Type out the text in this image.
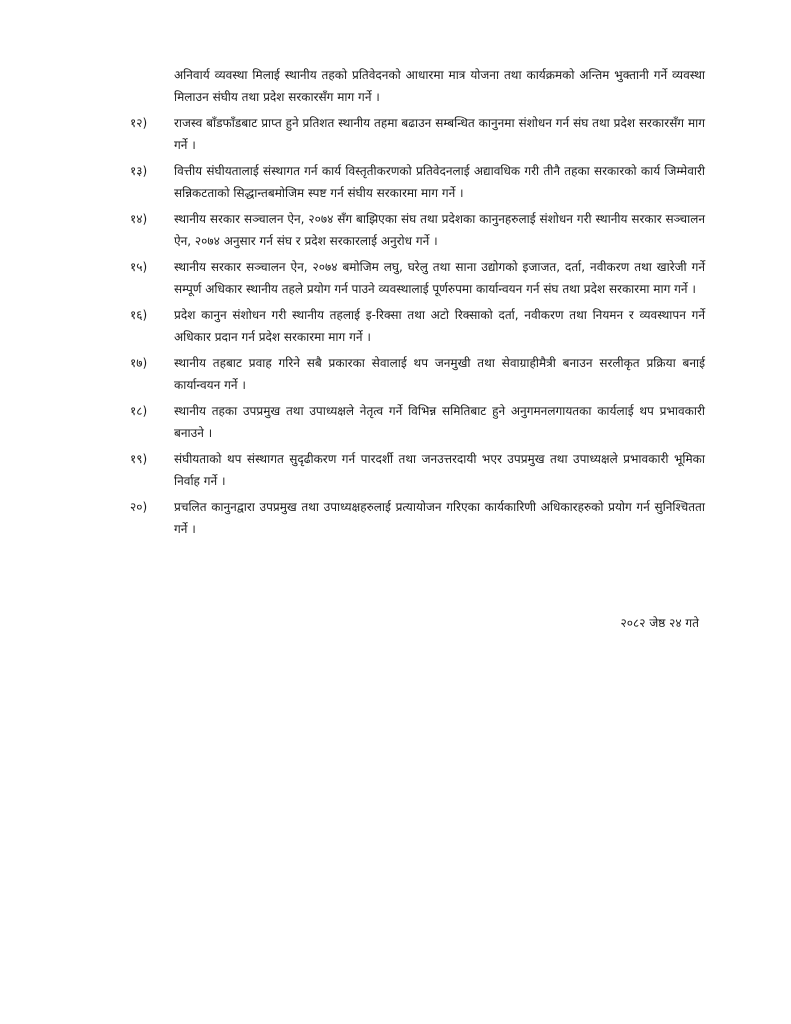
अनिवार्य व्यवस्था मिलाई स्थानीय तहको प्रतिवेदनको आधारमा मात्र योजना तथा कार्यक्रमको अन्तिम भुक्तानी गर्ने व्यवस्था मिलाउन संघीय तथा प्रदेश सरकारसँग माग गर्ने ।
१२)	राजस्व बाँडफाँडबाट प्राप्त हुने प्रतिशत स्थानीय तहमा बढाउन सम्बन्धित कानुनमा संशोधन गर्न संघ तथा प्रदेश सरकारसँग माग गर्ने ।
१३)	वित्तीय संघीयतालाई संस्थागत गर्न कार्य विस्तृतीकरणको प्रतिवेदनलाई अद्यावधिक गरी तीनै तहका सरकारको कार्य जिम्मेवारी सन्निकटताको सिद्धान्तबमोजिम स्पष्ट गर्न संघीय सरकारमा माग गर्ने ।
१४)	स्थानीय सरकार सञ्चालन ऐन, २०७४ सँग बाझिएका संघ तथा प्रदेशका कानुनहरुलाई संशोधन गरी स्थानीय सरकार सञ्चालन ऐन, २०७४ अनुसार गर्न संघ र प्रदेश सरकारलाई अनुरोध गर्ने ।
१५)	स्थानीय सरकार सञ्चालन ऐन, २०७४ बमोजिम लघु, घरेलु तथा साना उद्योगको इजाजत, दर्ता, नवीकरण तथा खारेजी गर्ने सम्पूर्ण अधिकार स्थानीय तहले प्रयोग गर्न पाउने व्यवस्थालाई पूर्णरुपमा कार्यान्वयन गर्न संघ तथा प्रदेश सरकारमा माग गर्ने ।
१६)	प्रदेश कानुन संशोधन गरी स्थानीय तहलाई इ-रिक्सा तथा अटो रिक्साको दर्ता, नवीकरण तथा नियमन र व्यवस्थापन गर्ने अधिकार प्रदान गर्न प्रदेश सरकारमा माग गर्ने ।
१७)	स्थानीय तहबाट प्रवाह गरिने सबै प्रकारका सेवालाई थप जनमुखी तथा सेवाग्राहीमैत्री बनाउन सरलीकृत प्रक्रिया बनाई कार्यान्वयन गर्ने ।
१८)	स्थानीय तहका उपप्रमुख तथा उपाध्यक्षले नेतृत्व गर्ने विभिन्न समितिबाट हुने अनुगमनलगायतका कार्यलाई थप प्रभावकारी बनाउने ।
१९)	संघीयताको थप संस्थागत सुदृढीकरण गर्न पारदर्शी तथा जनउत्तरदायी भएर उपप्रमुख तथा उपाध्यक्षले प्रभावकारी भूमिका निर्वाह गर्ने ।
२०)	प्रचलित कानुनद्वारा उपप्रमुख तथा उपाध्यक्षहरुलाई प्रत्यायोजन गरिएका कार्यकारिणी अधिकारहरुको प्रयोग गर्न सुनिश्चितता गर्ने ।
२०८२ जेष्ठ २४ गते
